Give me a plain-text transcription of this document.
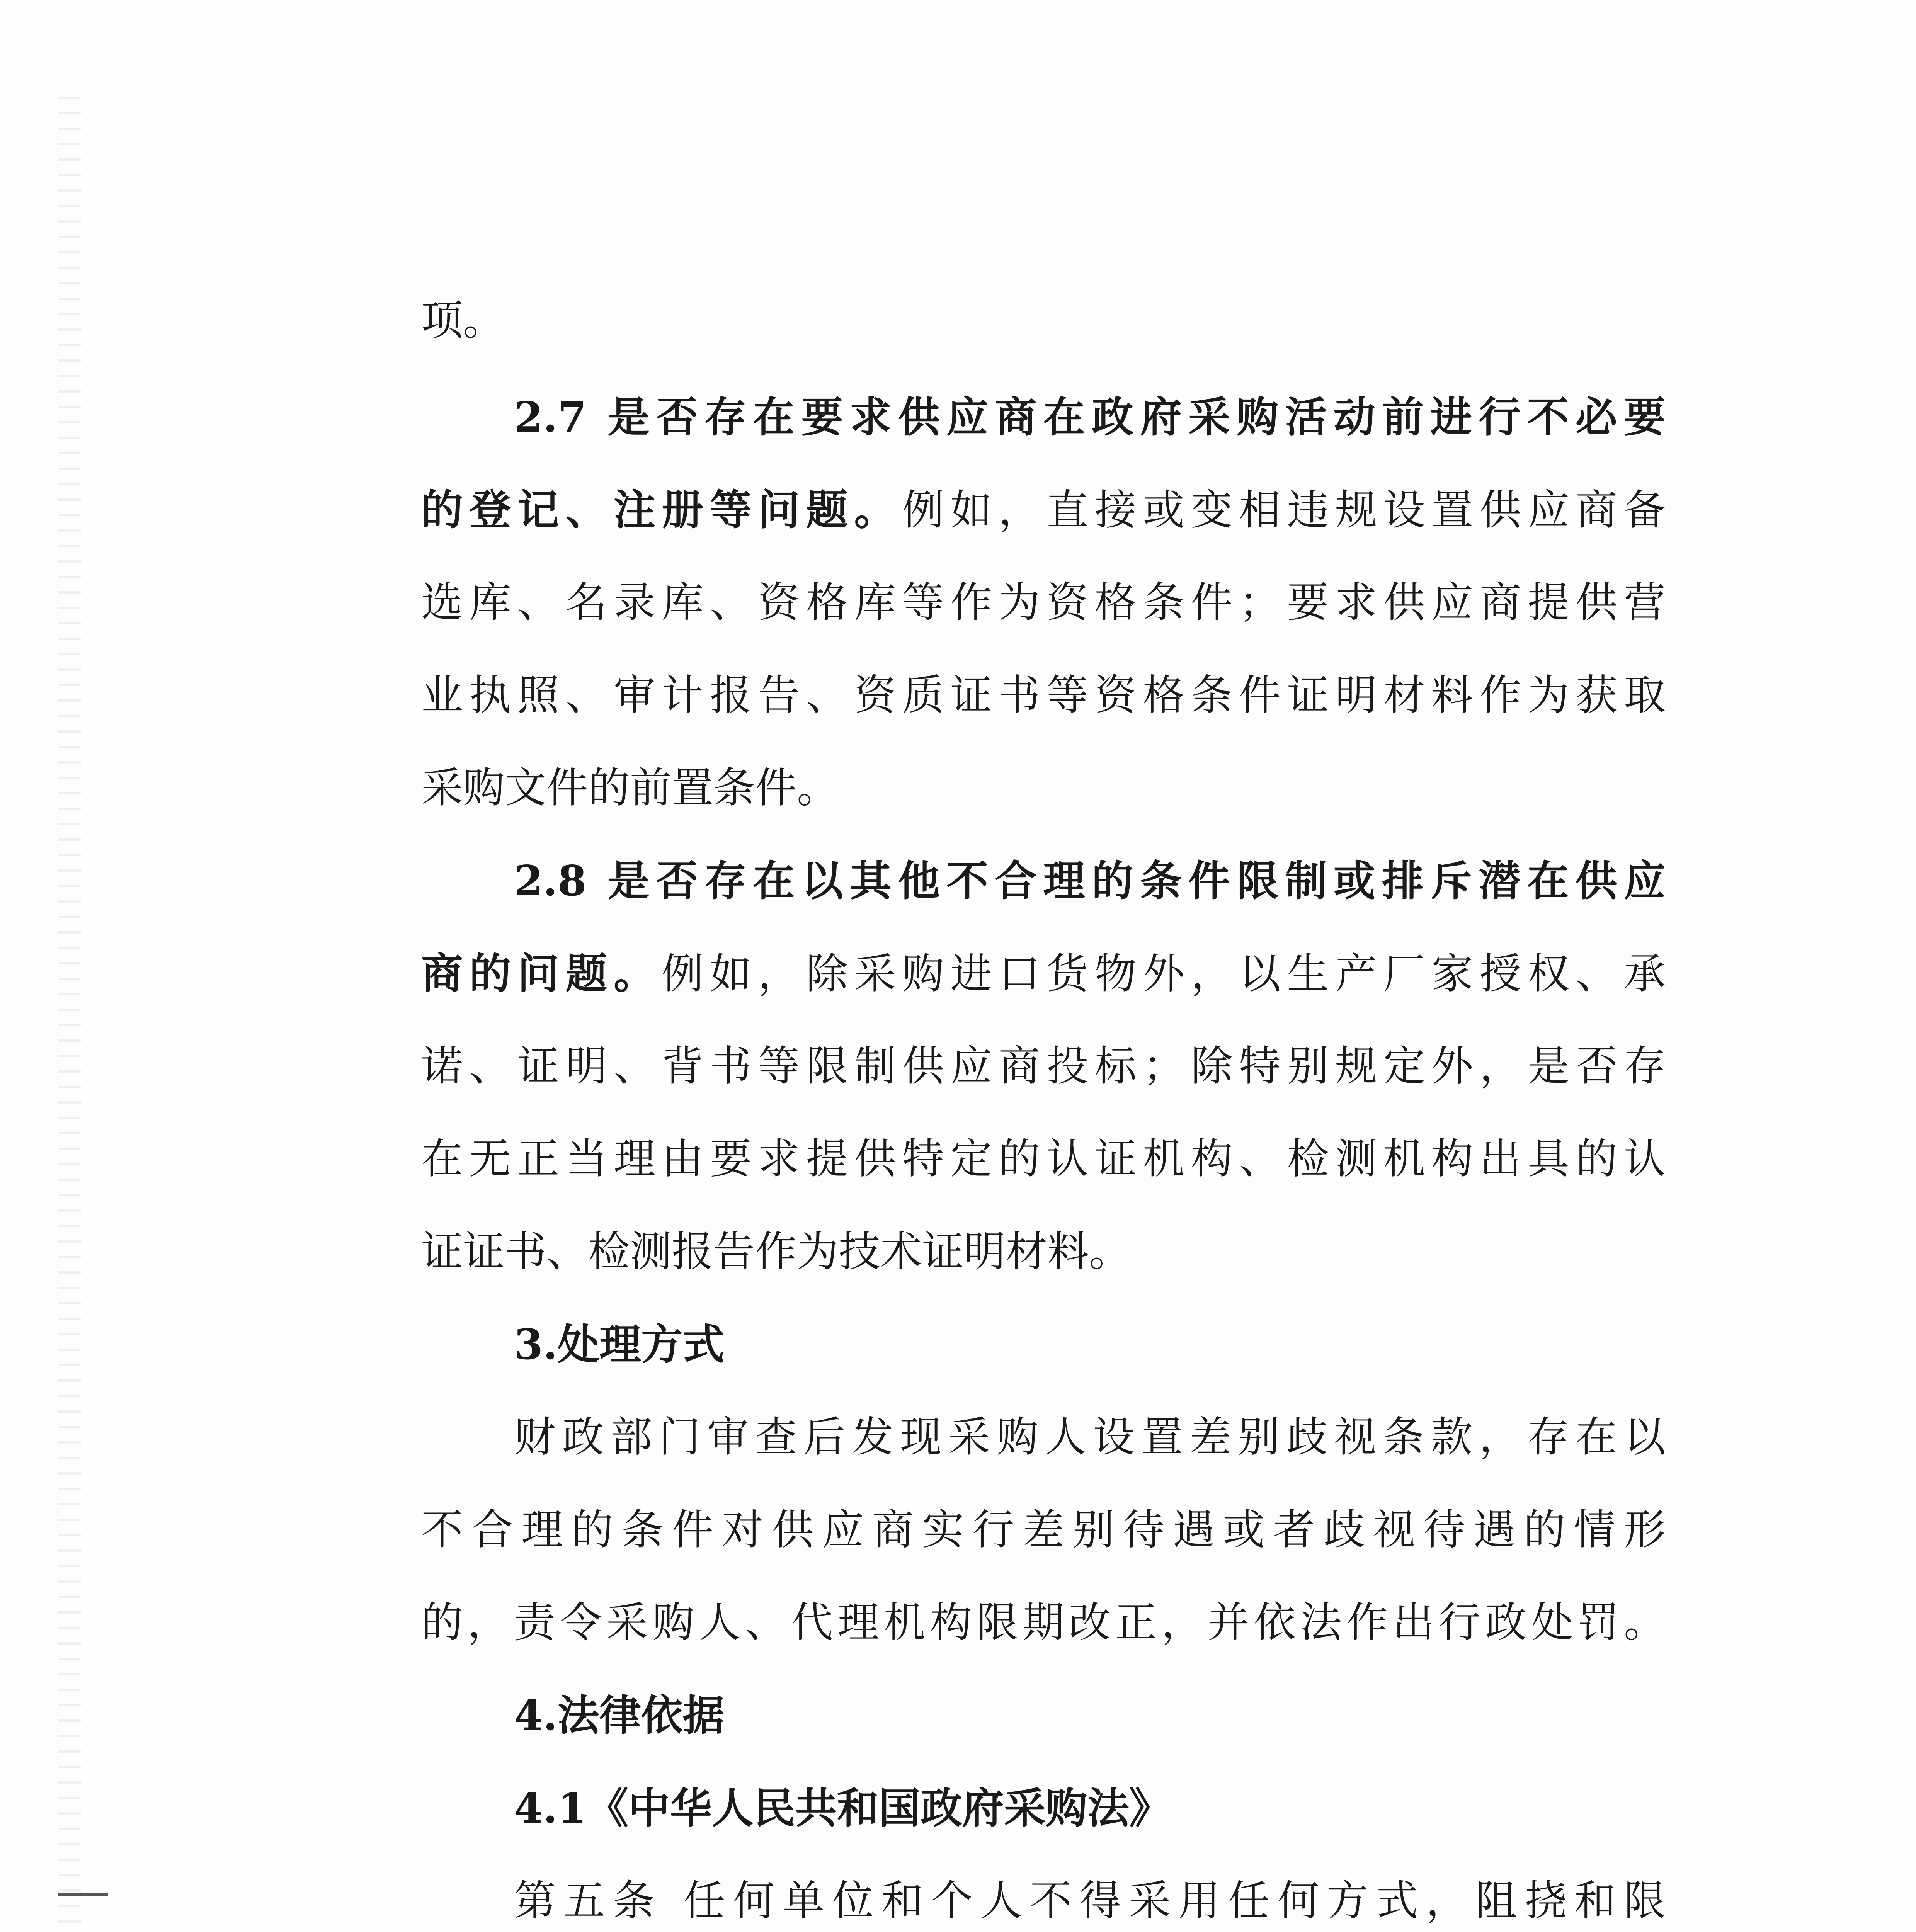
项。
2.7 是否存在要求供应商在政府采购活动前进行不必要
的登记、注册等问题。例如，直接或变相违规设置供应商备
选库、名录库、资格库等作为资格条件；要求供应商提供营
业执照、审计报告、资质证书等资格条件证明材料作为获取
采购文件的前置条件。
2.8 是否存在以其他不合理的条件限制或排斥潜在供应
商的问题。例如，除采购进口货物外，以生产厂家授权、承
诺、证明、背书等限制供应商投标；除特别规定外，是否存
在无正当理由要求提供特定的认证机构、检测机构出具的认
证证书、检测报告作为技术证明材料。
3.处理方式
财政部门审查后发现采购人设置差别歧视条款，存在以
不合理的条件对供应商实行差别待遇或者歧视待遇的情形
的，责令采购人、代理机构限期改正，并依法作出行政处罚。
4.法律依据
4.1《中华人民共和国政府采购法》
第五条 任何单位和个人不得采用任何方式，阻挠和限
